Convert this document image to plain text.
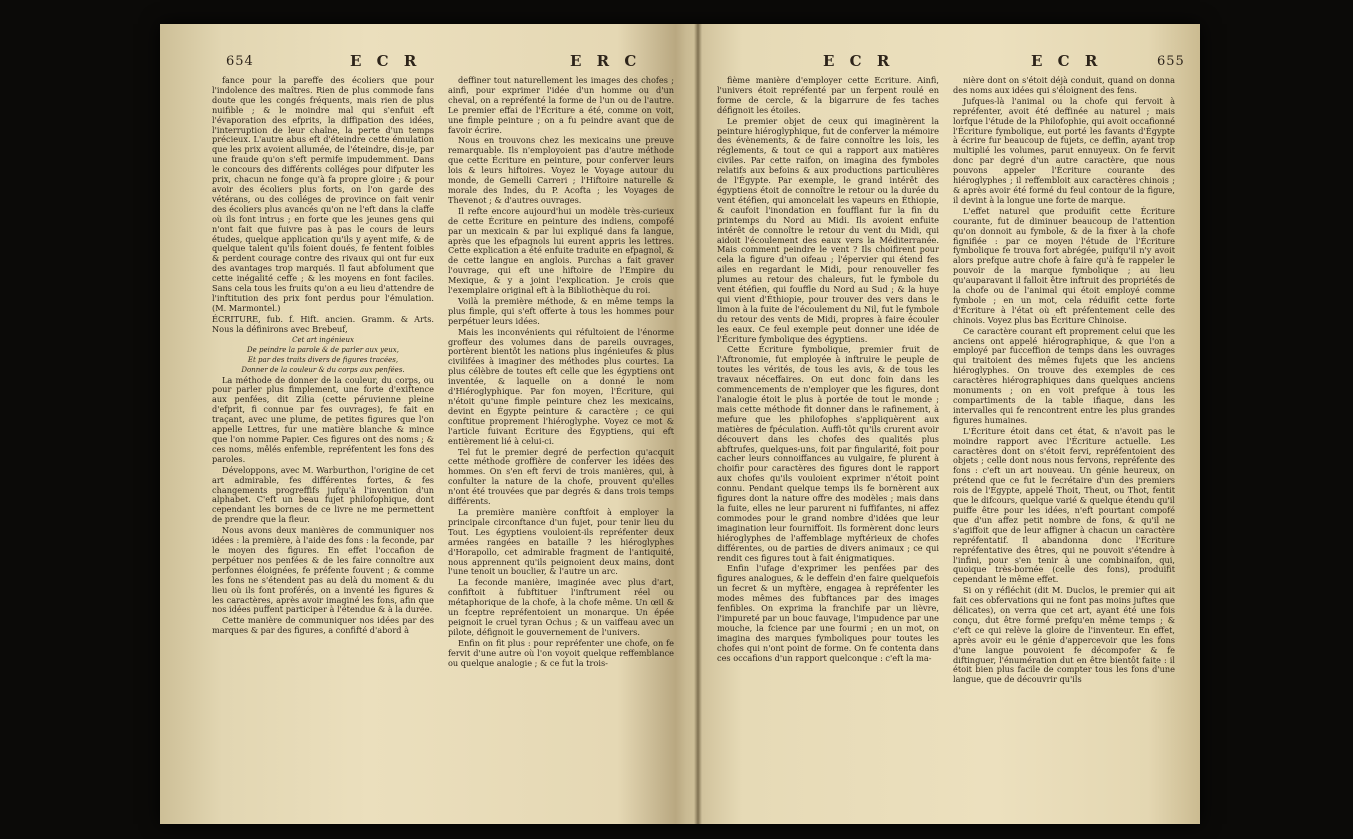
654	E C R	E R C

fance pour la pareffe des écoliers que pour l'indolence des maîtres. Rien de plus commode fans doute que les congés fréquents, mais rien de plus nuifible ; & le moindre mal qui s'enfuit eft l'évaporation des efprits, la diffipation des idées, l'interruption de leur chaîne, la perte d'un temps précieux. L'autre abus eft d'éteindre cette émulation que les prix avoient allumée, de l'éteindre, dis-je, par une fraude qu'on s'eft permife impudemment. Dans le concours des différents colléges pour difputer les prix, chacun ne fonge qu'à fa propre gloire ; & pour avoir des écoliers plus forts, on l'on garde des vétérans, ou des colléges de province on fait venir des écoliers plus avancés qu'on ne l'eft dans la claffe où ils font intrus ; en forte que les jeunes gens qui n'ont fait que fuivre pas à pas le cours de leurs études, quelque application qu'ils y ayent mife, & de quelque talent qu'ils foient doués, fe fentent foibles & perdent courage contre des rivaux qui ont fur eux des avantages trop marqués. Il faut abfolument que cette inégalité ceffe ; & les moyens en font faciles. Sans cela tous les fruits qu'on a eu lieu d'attendre de l'inftitution des prix font perdus pour l'émulation. (M. Marmontel.)

ÉCRITURE, fub. f. Hift. ancien. Gramm. & Arts. Nous la définirons avec Brebeuf,

Cet art ingénieux

De peindre la parole & de parler aux yeux,

Et par des traits divers de figures tracées,

Donner de la couleur & du corps aux penfées.

La méthode de donner de la couleur, du corps, ou pour parler plus fimplement, une forte d'exiftence aux penfées, dit Zilia (cette péruvienne pleine d'efprit, fi connue par fes ouvrages), fe fait en traçant, avec une plume, de petites figures que l'on appelle Lettres, fur une matière blanche & mince que l'on nomme Papier. Ces figures ont des noms ; & ces noms, mêlés enfemble, repréfentent les fons des paroles.

Développons, avec M. Warburthon, l'origine de cet art admirable, fes différentes fortes, & fes changements progreffifs jufqu'à l'invention d'un alphabet. C'eft un beau fujet philofophique, dont cependant les bornes de ce livre ne me permettent de prendre que la fleur.

Nous avons deux manières de communiquer nos idées : la première, à l'aide des fons : la feconde, par le moyen des figures. En effet l'occafion de perpétuer nos penfées & de les faire connoître aux perfonnes éloignées, fe préfente fouvent ; & comme les fons ne s'étendent pas au delà du moment & du lieu où ils font proférés, on a inventé les figures & les caractères, après avoir imaginé les fons, afin que nos idées puffent participer à l'étendue & à la durée.

Cette manière de communiquer nos idées par des marques & par des figures, a confifté d'abord à

deffiner tout naturellement les images des chofes ; ainfi, pour exprimer l'idée d'un homme ou d'un cheval, on a repréfenté la forme de l'un ou de l'autre. Le premier effai de l'Écriture a été, comme on voit, une fimple peinture ; on a fu peindre avant que de favoir écrire.

Nous en trouvons chez les mexicains une preuve remarquable. Ils n'employoient pas d'autre méthode que cette Écriture en peinture, pour conferver leurs lois & leurs hiftoires. Voyez le Voyage autour du monde, de Gemelli Carreri ; l'Hiftoire naturelle & morale des Indes, du P. Acofta ; les Voyages de Thevenot ; & d'autres ouvrages.

Il refte encore aujourd'hui un modèle très-curieux de cette Écriture en peinture des indiens, compofé par un mexicain & par lui expliqué dans fa langue, après que les efpagnols lui eurent appris les lettres. Cette explication a été enfuite traduite en efpagnol, & de cette langue en anglois. Purchas a fait graver l'ouvrage, qui eft une hiftoire de l'Empire du Mexique, & y a joint l'explication. Je crois que l'exemplaire original eft à la Bibliothèque du roi.

Voilà la première méthode, & en même temps la plus fimple, qui s'eft offerte à tous les hommes pour perpétuer leurs idées.

Mais les inconvénients qui réfultoient de l'énorme groffeur des volumes dans de pareils ouvrages, portèrent bientôt les nations plus ingénieufes & plus civilifées à imaginer des méthodes plus courtes. La plus célèbre de toutes eft celle que les égyptiens ont inventée, & laquelle on a donné le nom d'Hiéroglyphique. Par fon moyen, l'Écriture, qui n'étoit qu'une fimple peinture chez les mexicains, devint en Égypte peinture & caractère ; ce qui conftitue proprement l'hiéroglyphe. Voyez ce mot & l'article fuivant Écriture des Égyptiens, qui eft entièrement lié à celui-ci.

Tel fut le premier degré de perfection qu'acquit cette méthode groffière de conferver les idées des hommes. On s'en eft fervi de trois manières, qui, à confulter la nature de la chofe, prouvent qu'elles n'ont été trouvées que par degrés & dans trois temps différents.

La première manière conftfoit à employer la principale circonftance d'un fujet, pour tenir lieu du Tout. Les égyptiens vouloient-ils repréfenter deux armées rangées en bataille ? les hiéroglyphes d'Horapollo, cet admirable fragment de l'antiquité, nous apprennent qu'ils peignoient deux mains, dont l'une tenoit un bouclier, & l'autre un arc.

La feconde manière, imaginée avec plus d'art, confiftoit à fubftituer l'inftrument réel ou métaphorique de la chofe, à la chofe même. Un œil & un fceptre repréfentoient un monarque. Un épée peignoit le cruel tyran Ochus ; & un vaiffeau avec un pilote, défignoit le gouvernement de l'univers.

Enfin on fit plus : pour repréfenter une chofe, on fe fervit d'une autre où l'on voyoit quelque reffemblance ou quelque analogie ; & ce fut la trois-

E C R	E C R	655

fième manière d'employer cette Écriture. Ainfi, l'univers étoit repréfenté par un ferpent roulé en forme de cercle, & la bigarrure de fes taches défignoit les étoiles.

Le premier objet de ceux qui imaginèrent la peinture hiéroglyphique, fut de conferver la mémoire des évènements, & de faire connoître les lois, les réglements, & tout ce qui a rapport aux matières civiles. Par cette raifon, on imagina des fymboles relatifs aux befoins & aux productions particulières de l'Égypte. Par exemple, le grand intérêt des égyptiens étoit de connoître le retour ou la durée du vent étéfien, qui amoncelait les vapeurs en Éthiopie, & caufoit l'inondation en foufflant fur la fin du printemps du Nord au Midi. Ils avoient enfuite intérêt de connoître le retour du vent du Midi, qui aidoit l'écoulement des eaux vers la Méditerranée. Mais comment peindre le vent ? Ils choifirent pour cela la figure d'un oifeau ; l'épervier qui étend fes ailes en regardant le Midi, pour renouveller fes plumes au retour des chaleurs, fut le fymbole du vent étéfien, qui fouffle du Nord au Sud ; & la huye qui vient d'Éthiopie, pour trouver des vers dans le limon à la fuite de l'écoulement du Nil, fut le fymbole du retour des vents de Midi, propres à faire écouler les eaux. Ce feul exemple peut donner une idée de l'Écriture fymbolique des égyptiens.

Cette Écriture fymbolique, premier fruit de l'Aftronomie, fut employée à inftruire le peuple de toutes les vérités, de tous les avis, & de tous les travaux néceffaires. On eut donc foin dans les commencements de n'employer que les figures, dont l'analogie étoit le plus à portée de tout le monde ; mais cette méthode fit donner dans le rafinement, à mefure que les philofophes s'appliquèrent aux matières de fpéculation. Auffi-tôt qu'ils crurent avoir découvert dans les chofes des qualités plus abftrufes, quelques-uns, foit par fingularité, foit pour cacher leurs connoiffances au vulgaire, fe plurent à choifir pour caractères des figures dont le rapport aux chofes qu'ils vouloient exprimer n'étoit point connu. Pendant quelque temps ils fe bornèrent aux figures dont la nature offre des modèles ; mais dans la fuite, elles ne leur parurent ni fuffifantes, ni affez commodes pour le grand nombre d'idées que leur imagination leur fourniffoit. Ils formèrent donc leurs hiéroglyphes de l'affemblage myftérieux de chofes différentes, ou de parties de divers animaux ; ce qui rendit ces figures tout à fait énigmatiques.

Enfin l'ufage d'exprimer les penfées par des figures analogues, & le deffein d'en faire quelquefois un fecret & un myftère, engagea à repréfenter les modes mêmes des fubftances par des images fenfibles. On exprima la franchife par un lièvre, l'impureté par un bouc fauvage, l'impudence par une mouche, la fcience par une fourmi ; en un mot, on imagina des marques fymboliques pour toutes les chofes qui n'ont point de forme. On fe contenta dans ces occafions d'un rapport quelconque : c'eft la ma-

nière dont on s'étoit déjà conduit, quand on donna des noms aux idées qui s'éloignent des fens.

Jufques-là l'animal ou la chofe qui fervoit à repréfenter, avoit été deffinée au naturel ; mais lorfque l'étude de la Philofophie, qui avoit occafionné l'Écriture fymbolique, eut porté les favants d'Égypte à écrire fur beaucoup de fujets, ce deffin, ayant trop multiplié les volumes, parut ennuyeux. On fe fervit donc par degré d'un autre caractère, que nous pouvons appeler l'Écriture courante des hiéroglyphes ; il reffembloit aux caractères chinois ; & après avoir été formé du feul contour de la figure, il devint à la longue une forte de marque.

L'effet naturel que produifit cette Écriture courante, fut de diminuer beaucoup de l'attention qu'on donnoit au fymbole, & de la fixer à la chofe fignifiée : par ce moyen l'étude de l'Écriture fymbolique fe trouva fort abrégée, puifqu'il n'y avoit alors prefque autre chofe à faire qu'à fe rappeler le pouvoir de la marque fymbolique ; au lieu qu'auparavant il falloit être inftruit des propriétés de la chofe ou de l'animal qui étoit employé comme fymbole ; en un mot, cela réduifit cette forte d'Écriture à l'état où eft préfentement celle des chinois. Voyez plus bas Écriture Chinoise.

Ce caractère courant eft proprement celui que les anciens ont appelé hiérographique, & que l'on a employé par fucceffion de temps dans les ouvrages qui traitoient des mêmes fujets que les anciens hiéroglyphes. On trouve des exemples de ces caractères hiérographiques dans quelques anciens monuments ; on en voit prefque à tous les compartiments de la table ifiaque, dans les intervalles qui fe rencontrent entre les plus grandes figures humaines.

L'Écriture étoit dans cet état, & n'avoit pas le moindre rapport avec l'Écriture actuelle. Les caractères dont on s'étoit fervi, repréfentoient des objets ; celle dont nous nous fervons, repréfente des fons : c'eft un art nouveau. Un génie heureux, on prétend que ce fut le fecrétaire d'un des premiers rois de l'Égypte, appelé Thoit, Theut, ou Thot, fentit que le difcours, quelque varié & quelque étendu qu'il puiffe être pour les idées, n'eft pourtant compofé que d'un affez petit nombre de fons, & qu'il ne s'agiffoit que de leur affigner à chacun un caractère repréfentatif. Il abandonna donc l'Écriture repréfentative des êtres, qui ne pouvoit s'étendre à l'infini, pour s'en tenir à une combinaifon, qui, quoique très-bornée (celle des fons), produifit cependant le même effet.

Si on y réfléchit (dit M. Duclos, le premier qui ait fait ces obfervations qui ne font pas moins juftes que délicates), on verra que cet art, ayant été une fois conçu, dut être formé prefqu'en même temps ; & c'eft ce qui relève la gloire de l'inventeur. En effet, après avoir eu le génie d'appercevoir que les fons d'une langue pouvoient fe décompofer & fe diftinguer, l'énumération dut en être bientôt faite : il étoit bien plus facile de compter tous les fons d'une langue, que de découvrir qu'ils
